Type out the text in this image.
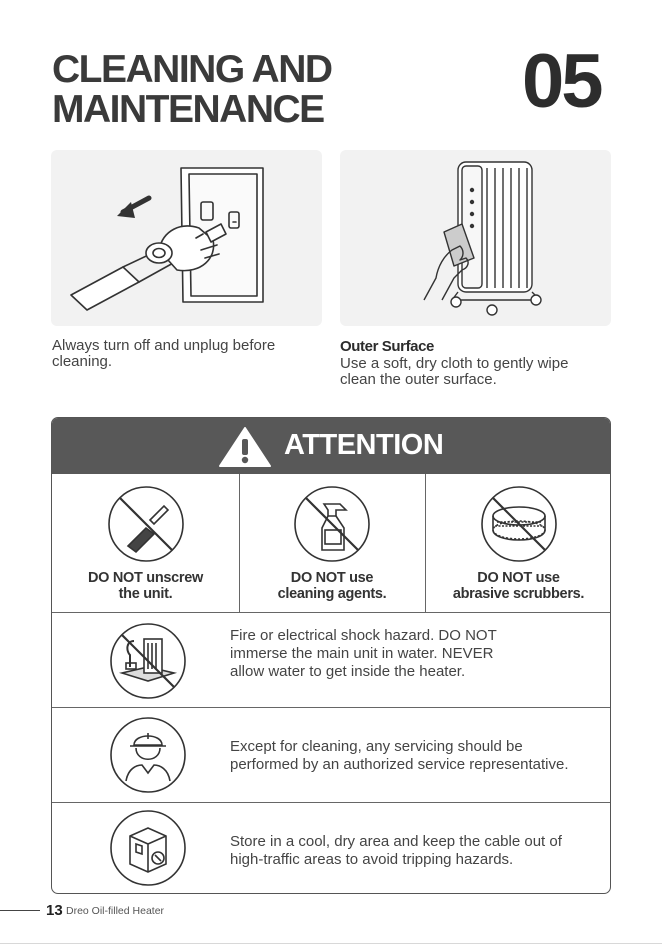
CLEANING AND
MAINTENANCE	05
Always turn off and unplug before cleaning.
Outer Surface
Use a soft, dry cloth to gently wipe clean the outer surface.
ATTENTION
DO NOT unscrew
the unit.
DO NOT use
cleaning agents.
DO NOT use
abrasive scrubbers.
Fire or electrical shock hazard. DO NOT immerse the main unit in water. NEVER allow water to get inside the heater.
Except for cleaning, any servicing should be performed by an authorized service representative.
Store in a cool, dry area and keep the cable out of high-traffic areas to avoid tripping hazards.
13 Dreo Oil-filled Heater
